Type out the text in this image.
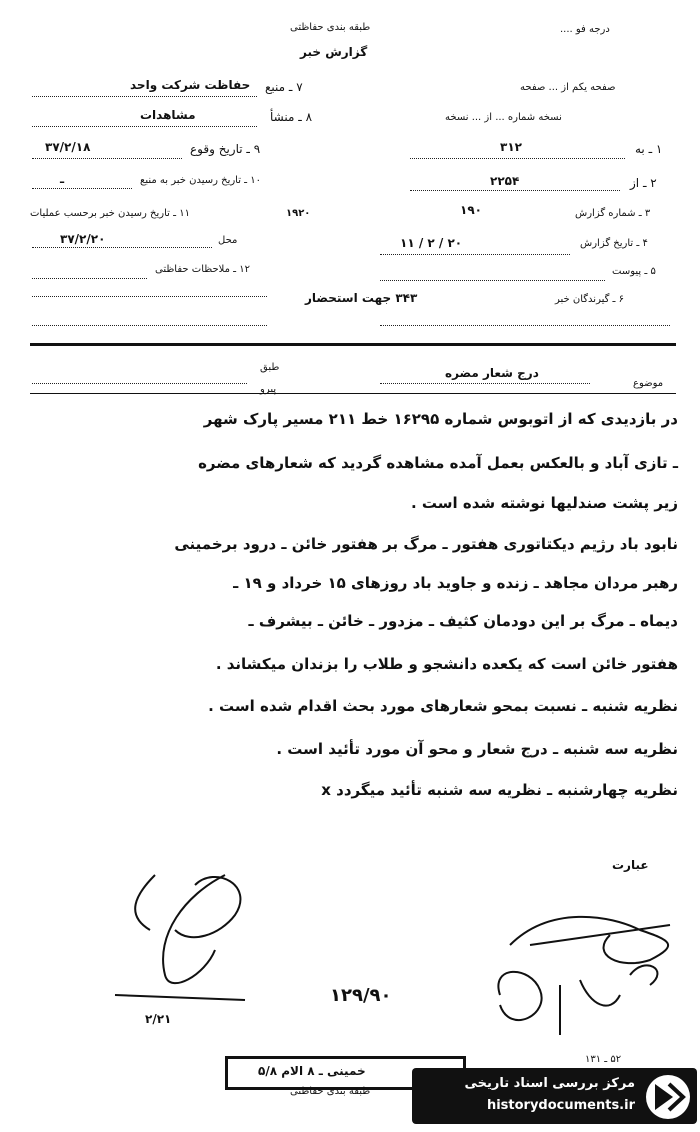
طبقه بندی حفاظتی
گزارش خبر
درجه فو ....
۷ ـ منبع
حفاظت شرکت واحد
۸ ـ منشأ
مشاهدات
۹ ـ تاریخ وقوع
۳۷/۲/۱۸
۱۰ ـ تاریخ رسیدن خبر به منبع
ـ
۱۱ ـ تاریخ رسیدن خبر برحسب عملیات	۱۹۲۰
۳۷/۲/۲۰	محل
۱۲ ـ ملاحظات حفاظتی
صفحه یکم از ... صفحه
نسخه شماره ... از ... نسخه
۱ ـ به
۳۱۲
۲ ـ از
۲۲۵۴
۳ ـ شماره گزارش
۱۹۰
۴ ـ تاریخ گزارش
۱۱ / ۲ / ۲۰
۵ ـ پیوست
۶ ـ گیرندگان خبر
۳۴۳ جهت استحضار
طبق
پیرو
موضوع
درج شعار مضره
در بازدیدی که از اتوبوس شماره ۱۶۲۹۵ خط ۲۱۱ مسیر پارک شهر
ـ تازی آباد و بالعکس بعمل آمده مشاهده گردید که شعارهای مضره
زیر پشت صندلیها نوشته شده است .
نابود باد رژیم دیکتاتوری هفتور ـ مرگ بر هفتور خائن ـ درود برخمینی
رهبر مردان مجاهد ـ زنده و جاوید باد روزهای ۱۵ خرداد و ۱۹ ـ
دیماه ـ مرگ بر این دودمان کثیف ـ مزدور ـ خائن ـ بیشرف ـ
هفتور خائن است که یکعده دانشجو و طلاب را بزندان میکشاند .
نظریه شنبه ـ نسبت بمحو شعارهای مورد بحث اقدام شده است .
نظریه سه شنبه ـ درج شعار و محو آن مورد تأئید است .
نظریه چهارشنبه ـ نظریه سه شنبه تأئید میگردد x
عبارت
۲/۲۱
۱۲۹/۹۰
خمینی ـ ۸ الام ۵/۸
طبقه بندی حفاظتی
۵۲ ـ ۱۳۱
مرکز بررسی اسناد تاریخی
historydocuments.ir
